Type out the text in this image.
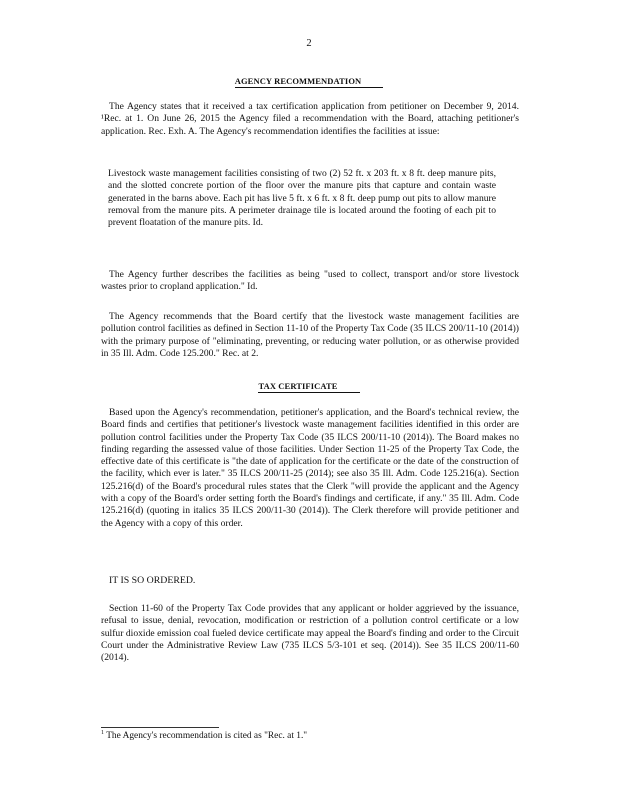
2
AGENCY RECOMMENDATION

The Agency states that it received a tax certification application from petitioner on December 9, 2014. ¹Rec. at 1. On June 26, 2015 the Agency filed a recommendation with the Board, attaching petitioner's application. Rec. Exh. A. The Agency's recommendation identifies the facilities at issue:

Livestock waste management facilities consisting of two (2) 52 ft. x 203 ft. x 8 ft. deep manure pits, and the slotted concrete portion of the floor over the manure pits that capture and contain waste generated in the barns above. Each pit has live 5 ft. x 6 ft. x 8 ft. deep pump out pits to allow manure removal from the manure pits. A perimeter drainage tile is located around the footing of each pit to prevent floatation of the manure pits. Id.

The Agency further describes the facilities as being "used to collect, transport and/or store livestock wastes prior to cropland application." Id.

The Agency recommends that the Board certify that the livestock waste management facilities are pollution control facilities as defined in Section 11-10 of the Property Tax Code (35 ILCS 200/11-10 (2014)) with the primary purpose of "eliminating, preventing, or reducing water pollution, or as otherwise provided in 35 Ill. Adm. Code 125.200." Rec. at 2.

TAX CERTIFICATE

Based upon the Agency's recommendation, petitioner's application, and the Board's technical review, the Board finds and certifies that petitioner's livestock waste management facilities identified in this order are pollution control facilities under the Property Tax Code (35 ILCS 200/11-10 (2014)). The Board makes no finding regarding the assessed value of those facilities. Under Section 11-25 of the Property Tax Code, the effective date of this certificate is "the date of application for the certificate or the date of the construction of the facility, which ever is later." 35 ILCS 200/11-25 (2014); see also 35 Ill. Adm. Code 125.216(a). Section 125.216(d) of the Board's procedural rules states that the Clerk "will provide the applicant and the Agency with a copy of the Board's order setting forth the Board's findings and certificate, if any." 35 Ill. Adm. Code 125.216(d) (quoting in italics 35 ILCS 200/11-30 (2014)). The Clerk therefore will provide petitioner and the Agency with a copy of this order.

IT IS SO ORDERED.

Section 11-60 of the Property Tax Code provides that any applicant or holder aggrieved by the issuance, refusal to issue, denial, revocation, modification or restriction of a pollution control certificate or a low sulfur dioxide emission coal fueled device certificate may appeal the Board's finding and order to the Circuit Court under the Administrative Review Law (735 ILCS 5/3-101 et seq. (2014)). See 35 ILCS 200/11-60 (2014).

$^1$ The Agency's recommendation is cited as "Rec. at 1."
